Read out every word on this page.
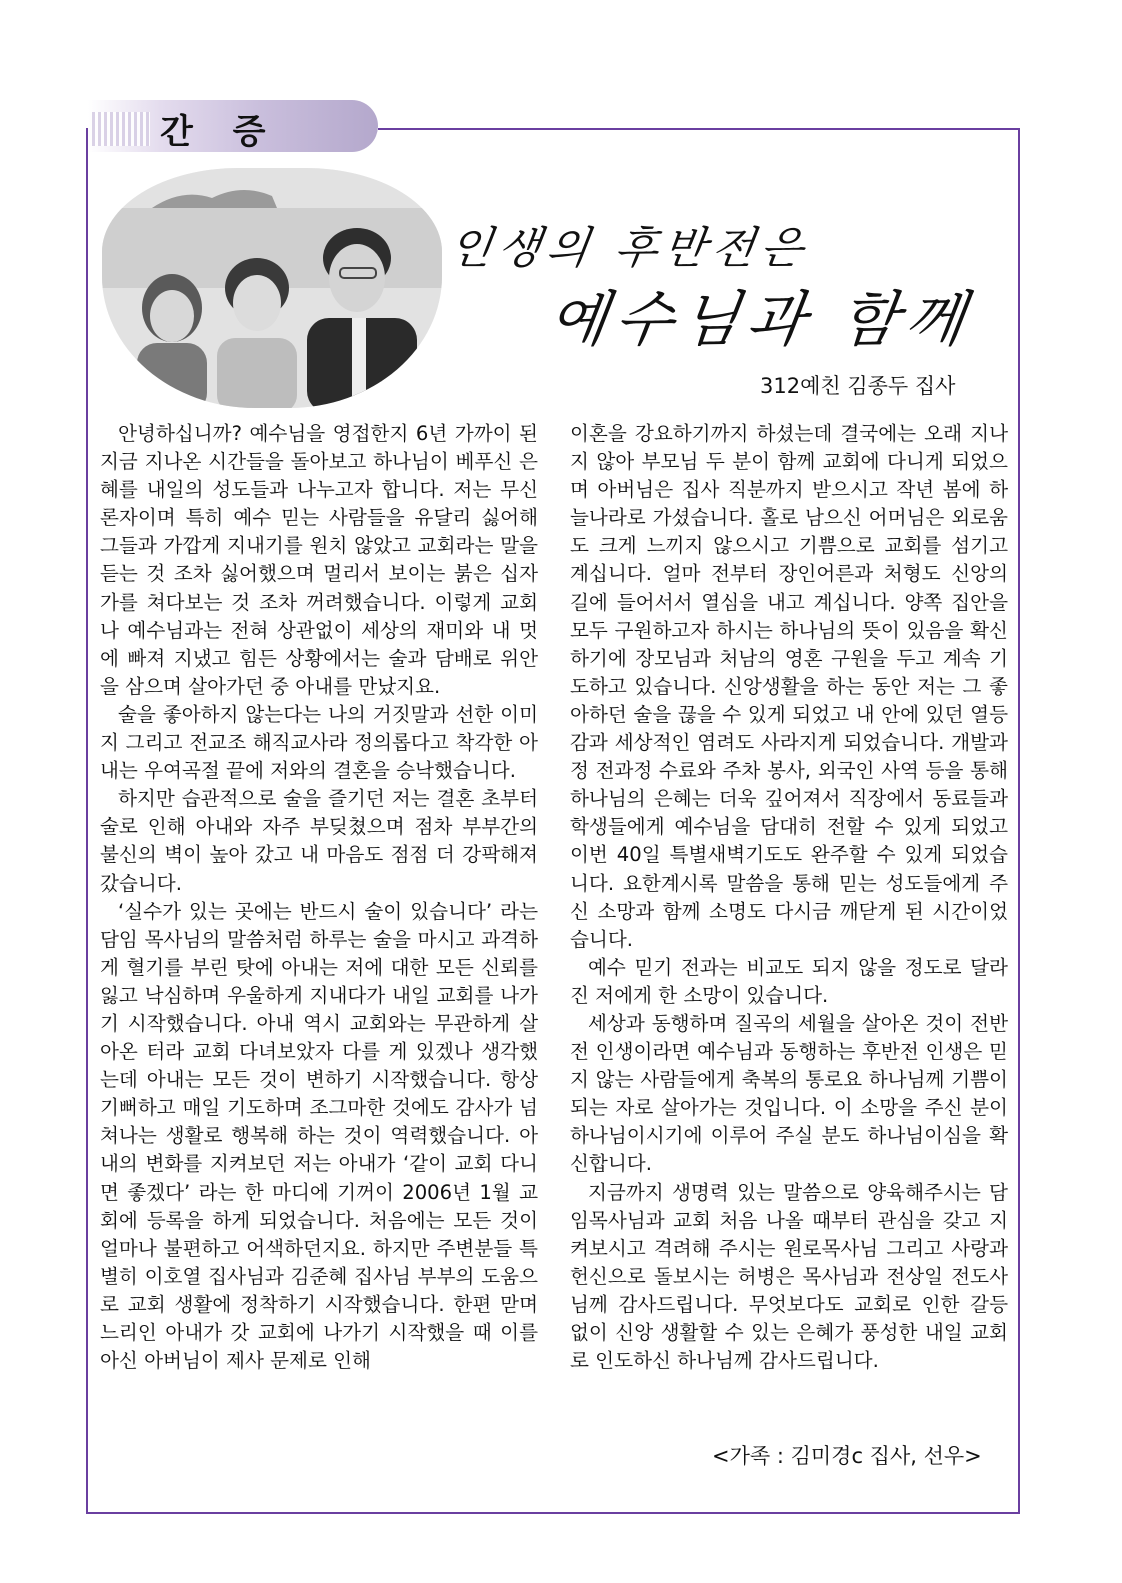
간 증
인생의 후반전은
예수님과 함께
312예친 김종두 집사

안녕하십니까? 예수님을 영접한지 6년 가까이 된 지금 지나온 시간들을 돌아보고 하나님이 베푸신 은혜를 내일의 성도들과 나누고자 합니다. 저는 무신론자이며 특히 예수 믿는 사람들을 유달리 싫어해 그들과 가깝게 지내기를 원치 않았고 교회라는 말을 듣는 것 조차 싫어했으며 멀리서 보이는 붉은 십자가를 쳐다보는 것 조차 꺼려했습니다. 이렇게 교회나 예수님과는 전혀 상관없이 세상의 재미와 내 멋에 빠져 지냈고 힘든 상황에서는 술과 담배로 위안을 삼으며 살아가던 중 아내를 만났지요.

술을 좋아하지 않는다는 나의 거짓말과 선한 이미지 그리고 전교조 해직교사라 정의롭다고 착각한 아내는 우여곡절 끝에 저와의 결혼을 승낙했습니다.

하지만 습관적으로 술을 즐기던 저는 결혼 초부터 술로 인해 아내와 자주 부딪쳤으며 점차 부부간의 불신의 벽이 높아 갔고 내 마음도 점점 더 강팍해져 갔습니다.

‘실수가 있는 곳에는 반드시 술이 있습니다’ 라는 담임 목사님의 말씀처럼 하루는 술을 마시고 과격하게 혈기를 부린 탓에 아내는 저에 대한 모든 신뢰를 잃고 낙심하며 우울하게 지내다가 내일 교회를 나가기 시작했습니다. 아내 역시 교회와는 무관하게 살아온 터라 교회 다녀보았자 다를 게 있겠나 생각했는데 아내는 모든 것이 변하기 시작했습니다. 항상 기뻐하고 매일 기도하며 조그마한 것에도 감사가 넘쳐나는 생활로 행복해 하는 것이 역력했습니다. 아내의 변화를 지켜보던 저는 아내가 ‘같이 교회 다니면 좋겠다’ 라는 한 마디에 기꺼이 2006년 1월 교회에 등록을 하게 되었습니다. 처음에는 모든 것이 얼마나 불편하고 어색하던지요. 하지만 주변분들 특별히 이호열 집사님과 김준혜 집사님 부부의 도움으로 교회 생활에 정착하기 시작했습니다. 한편 맏며느리인 아내가 갓 교회에 나가기 시작했을 때 이를 아신 아버님이 제사 문제로 인해

이혼을 강요하기까지 하셨는데 결국에는 오래 지나지 않아 부모님 두 분이 함께 교회에 다니게 되었으며 아버님은 집사 직분까지 받으시고 작년 봄에 하늘나라로 가셨습니다. 홀로 남으신 어머님은 외로움도 크게 느끼지 않으시고 기쁨으로 교회를 섬기고 계십니다. 얼마 전부터 장인어른과 처형도 신앙의 길에 들어서서 열심을 내고 계십니다. 양쪽 집안을 모두 구원하고자 하시는 하나님의 뜻이 있음을 확신하기에 장모님과 처남의 영혼 구원을 두고 계속 기도하고 있습니다. 신앙생활을 하는 동안 저는 그 좋아하던 술을 끊을 수 있게 되었고 내 안에 있던 열등감과 세상적인 염려도 사라지게 되었습니다. 개발과정 전과정 수료와 주차 봉사, 외국인 사역 등을 통해 하나님의 은혜는 더욱 깊어져서 직장에서 동료들과 학생들에게 예수님을 담대히 전할 수 있게 되었고 이번 40일 특별새벽기도도 완주할 수 있게 되었습니다. 요한계시록 말씀을 통해 믿는 성도들에게 주신 소망과 함께 소명도 다시금 깨닫게 된 시간이었습니다.

예수 믿기 전과는 비교도 되지 않을 정도로 달라진 저에게 한 소망이 있습니다.

세상과 동행하며 질곡의 세월을 살아온 것이 전반전 인생이라면 예수님과 동행하는 후반전 인생은 믿지 않는 사람들에게 축복의 통로요 하나님께 기쁨이 되는 자로 살아가는 것입니다. 이 소망을 주신 분이 하나님이시기에 이루어 주실 분도 하나님이심을 확신합니다.

지금까지 생명력 있는 말씀으로 양육해주시는 담임목사님과 교회 처음 나올 때부터 관심을 갖고 지켜보시고 격려해 주시는 원로목사님 그리고 사랑과 헌신으로 돌보시는 허병은 목사님과 전상일 전도사님께 감사드립니다. 무엇보다도 교회로 인한 갈등 없이 신앙 생활할 수 있는 은혜가 풍성한 내일 교회로 인도하신 하나님께 감사드립니다.

<가족 : 김미경c 집사, 선우>
